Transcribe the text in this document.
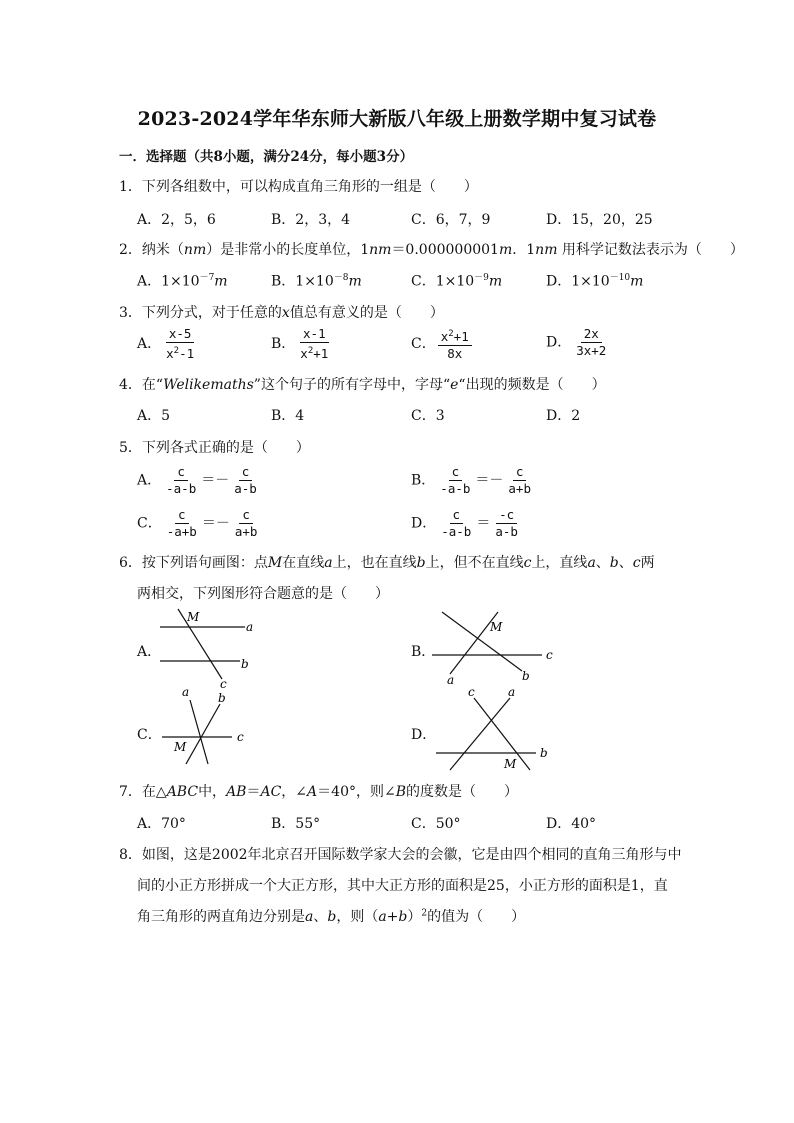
2023-2024学年华东师大新版八年级上册数学期中复习试卷
一．选择题（共8小题，满分24分，每小题3分）
1．下列各组数中，可以构成直角三角形的一组是（　　）
A．2，5，6	B．2，3，4	C．6，7，9	D．15，20，25
2．纳米（nm）是非常小的长度单位，1nm＝0.000000001m．1nm 用科学记数法表示为（　　）
A．$1\times 10^{-7}m$	B．$1\times 10^{-8}m$	C．$1\times 10^{-9}m$	D．$1\times 10^{-10}m$
3．下列分式，对于任意的x值总有意义的是（　　）
A． $\frac{x-5}{x^2-1}$	B． $\frac{x-1}{x^2+1}$	C． $\frac{x^2+1}{8x}$	D． $\frac{2x}{3x+2}$
4．在“Welikemaths”这个句子的所有字母中，字母“e“出现的频数是（　　）
A．5	B．4	C．3	D．2
5．下列各式正确的是（　　）
A． $\frac{c}{-a-b} =- \frac{c}{a-b}$	B． $\frac{c}{-a-b} =- \frac{c}{a+b}$
C． $\frac{c}{-a+b} =- \frac{c}{a+b}$	D． $\frac{c}{-a-b} = \frac{-c}{a-b}$
6．按下列语句画图：点M在直线a上，也在直线b上，但不在直线c上，直线a、b、c两
两相交，下列图形符合题意的是（　　）
A．	B．
C．	D．
M
a
b
c
M
c
a	b
a b
c
M
c	a
b
M
7．在△ABC中，AB＝AC，∠A＝40°，则∠B的度数是（　　）
A．70°	B．55°	C．50°	D．40°
8．如图，这是2002年北京召开国际数学家大会的会徽，它是由四个相同的直角三角形与中
间的小正方形拼成一个大正方形，其中大正方形的面积是25，小正方形的面积是1，直
角三角形的两直角边分别是a、b，则$(a+b)^2$的值为（　　）
